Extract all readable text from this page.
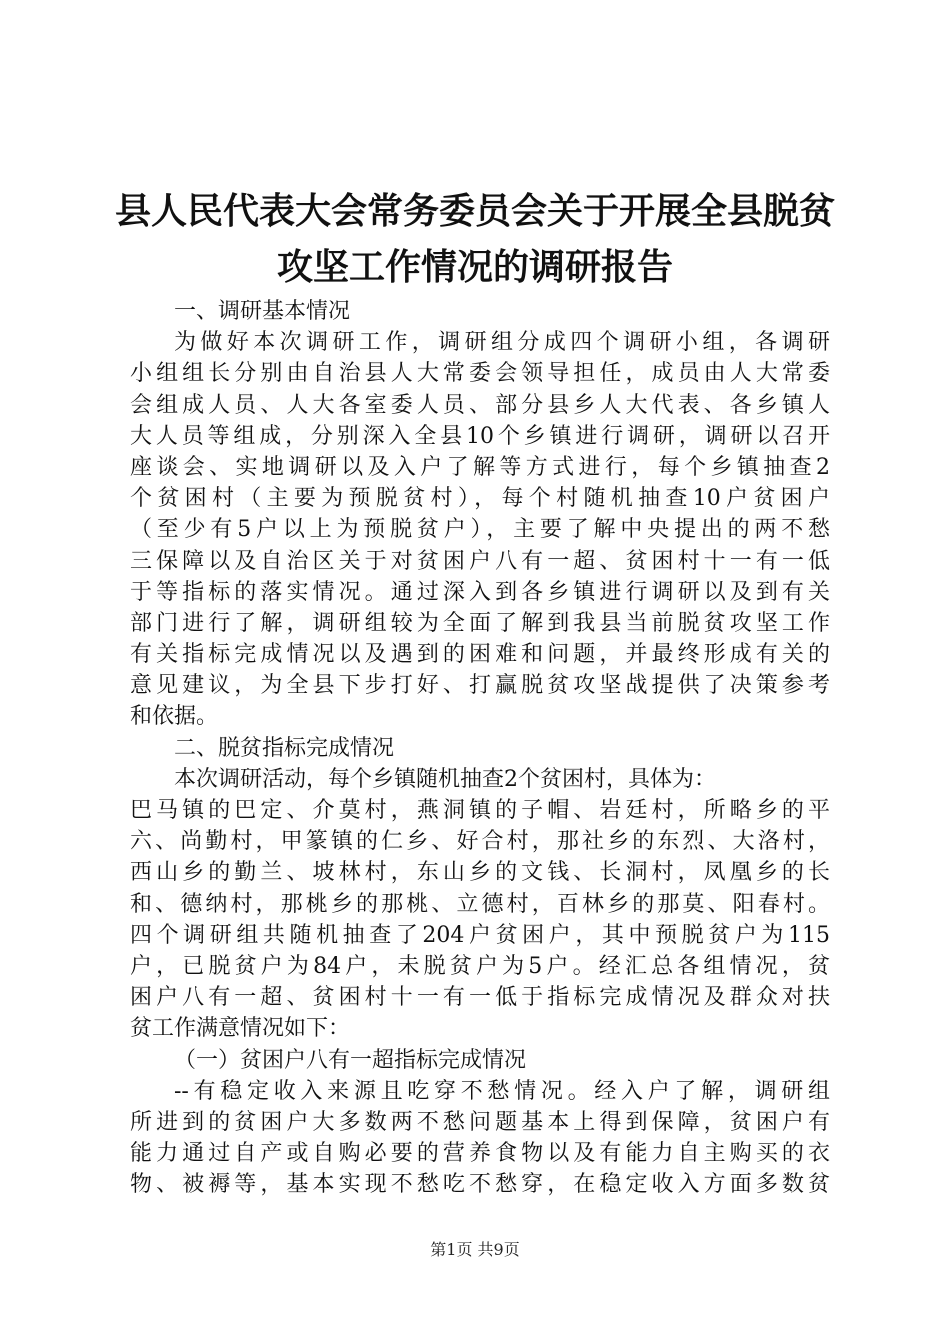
县人民代表大会常务委员会关于开展全县脱贫
攻坚工作情况的调研报告
一、调研基本情况
为做好本次调研工作，调研组分成四个调研小组，各调研
小组组长分别由自治县人大常委会领导担任，成员由人大常委
会组成人员、人大各室委人员、部分县乡人大代表、各乡镇人
大人员等组成，分别深入全县10个乡镇进行调研，调研以召开
座谈会、实地调研以及入户了解等方式进行，每个乡镇抽查2
个贫困村（主要为预脱贫村），每个村随机抽查10户贫困户
（至少有5户以上为预脱贫户），主要了解中央提出的两不愁
三保障以及自治区关于对贫困户八有一超、贫困村十一有一低
于等指标的落实情况。通过深入到各乡镇进行调研以及到有关
部门进行了解，调研组较为全面了解到我县当前脱贫攻坚工作
有关指标完成情况以及遇到的困难和问题，并最终形成有关的
意见建议，为全县下步打好、打赢脱贫攻坚战提供了决策参考
和依据。
二、脱贫指标完成情况
本次调研活动，每个乡镇随机抽查2个贫困村，具体为：
巴马镇的巴定、介莫村，燕洞镇的子帽、岩廷村，所略乡的平
六、尚勤村，甲篆镇的仁乡、好合村，那社乡的东烈、大洛村，
西山乡的勤兰、坡林村，东山乡的文钱、长洞村，凤凰乡的长
和、德纳村，那桃乡的那桃、立德村，百林乡的那莫、阳春村。
四个调研组共随机抽查了204户贫困户，其中预脱贫户为115
户，已脱贫户为84户，未脱贫户为5户。经汇总各组情况，贫
困户八有一超、贫困村十一有一低于指标完成情况及群众对扶
贫工作满意情况如下：
（一）贫困户八有一超指标完成情况
--有稳定收入来源且吃穿不愁情况。经入户了解，调研组
所进到的贫困户大多数两不愁问题基本上得到保障，贫困户有
能力通过自产或自购必要的营养食物以及有能力自主购买的衣
物、被褥等，基本实现不愁吃不愁穿，在稳定收入方面多数贫
第1页 共9页
